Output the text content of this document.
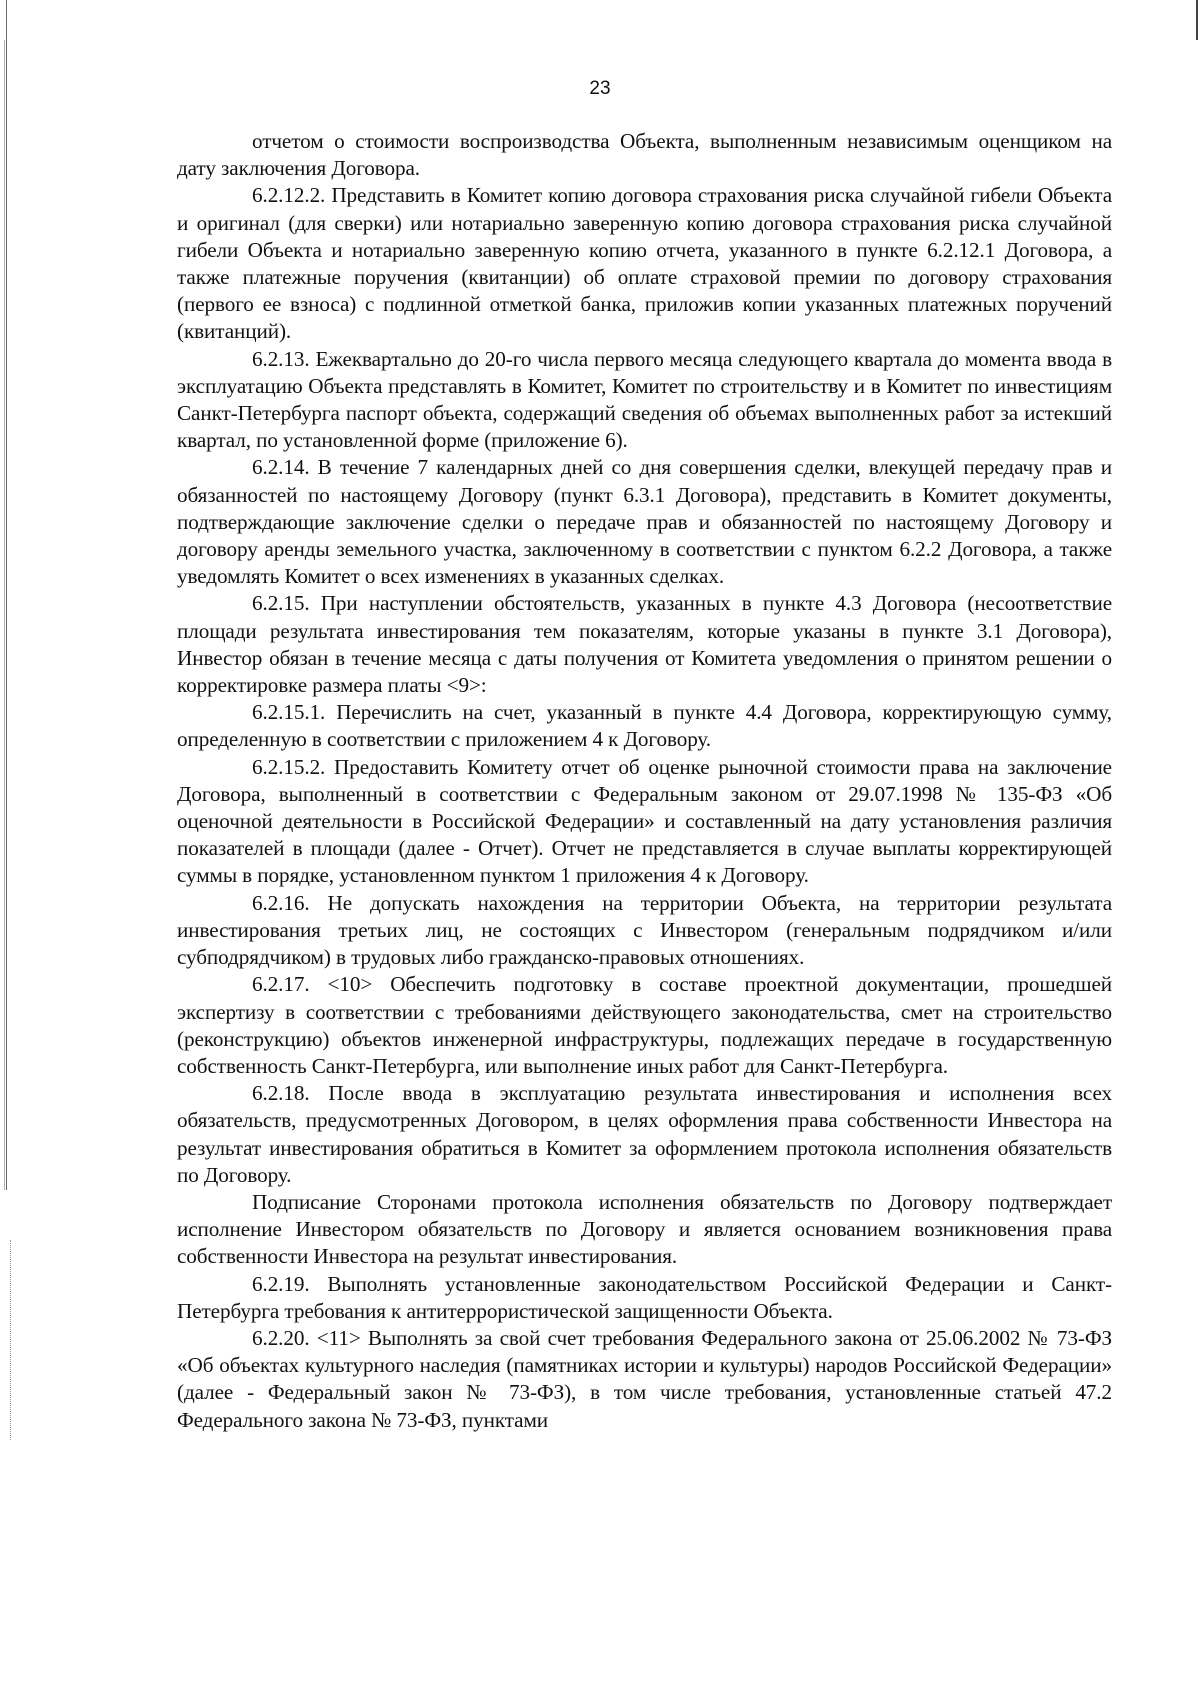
23

отчетом о стоимости воспроизводства Объекта, выполненным независимым оценщиком на дату заключения Договора.

6.2.12.2. Представить в Комитет копию договора страхования риска случайной гибели Объекта и оригинал (для сверки) или нотариально заверенную копию договора страхования риска случайной гибели Объекта и нотариально заверенную копию отчета, указанного в пункте 6.2.12.1 Договора, а также платежные поручения (квитанции) об оплате страховой премии по договору страхования (первого ее взноса) с подлинной отметкой банка, приложив копии указанных платежных поручений (квитанций).

6.2.13. Ежеквартально до 20-го числа первого месяца следующего квартала до момента ввода в эксплуатацию Объекта представлять в Комитет, Комитет по строительству и в Комитет по инвестициям Санкт-Петербурга паспорт объекта, содержащий сведения об объемах выполненных работ за истекший квартал, по установленной форме (приложение 6).

6.2.14. В течение 7 календарных дней со дня совершения сделки, влекущей передачу прав и обязанностей по настоящему Договору (пункт 6.3.1 Договора), представить в Комитет документы, подтверждающие заключение сделки о передаче прав и обязанностей по настоящему Договору и договору аренды земельного участка, заключенному в соответствии с пунктом 6.2.2 Договора, а также уведомлять Комитет о всех изменениях в указанных сделках.

6.2.15. При наступлении обстоятельств, указанных в пункте 4.3 Договора (несоответствие площади результата инвестирования тем показателям, которые указаны в пункте 3.1 Договора), Инвестор обязан в течение месяца с даты получения от Комитета уведомления о принятом решении о корректировке размера платы <9>:

6.2.15.1. Перечислить на счет, указанный в пункте 4.4 Договора, корректирующую сумму, определенную в соответствии с приложением 4 к Договору.

6.2.15.2. Предоставить Комитету отчет об оценке рыночной стоимости права на заключение Договора, выполненный в соответствии с Федеральным законом от 29.07.1998 № 135-ФЗ «Об оценочной деятельности в Российской Федерации» и составленный на дату установления различия показателей в площади (далее - Отчет). Отчет не представляется в случае выплаты корректирующей суммы в порядке, установленном пунктом 1 приложения 4 к Договору.

6.2.16. Не допускать нахождения на территории Объекта, на территории результата инвестирования третьих лиц, не состоящих с Инвестором (генеральным подрядчиком и/или субподрядчиком) в трудовых либо гражданско-правовых отношениях.

6.2.17. <10> Обеспечить подготовку в составе проектной документации, прошедшей экспертизу в соответствии с требованиями действующего законодательства, смет на строительство (реконструкцию) объектов инженерной инфраструктуры, подлежащих передаче в государственную собственность Санкт-Петербурга, или выполнение иных работ для Санкт-Петербурга.

6.2.18. После ввода в эксплуатацию результата инвестирования и исполнения всех обязательств, предусмотренных Договором, в целях оформления права собственности Инвестора на результат инвестирования обратиться в Комитет за оформлением протокола исполнения обязательств по Договору.

Подписание Сторонами протокола исполнения обязательств по Договору подтверждает исполнение Инвестором обязательств по Договору и является основанием возникновения права собственности Инвестора на результат инвестирования.

6.2.19. Выполнять установленные законодательством Российской Федерации и Санкт-Петербурга требования к антитеррористической защищенности Объекта.

6.2.20. <11> Выполнять за свой счет требования Федерального закона от 25.06.2002 № 73-ФЗ «Об объектах культурного наследия (памятниках истории и культуры) народов Российской Федерации» (далее - Федеральный закон № 73-ФЗ), в том числе требования, установленные статьей 47.2 Федерального закона № 73-ФЗ, пунктами
